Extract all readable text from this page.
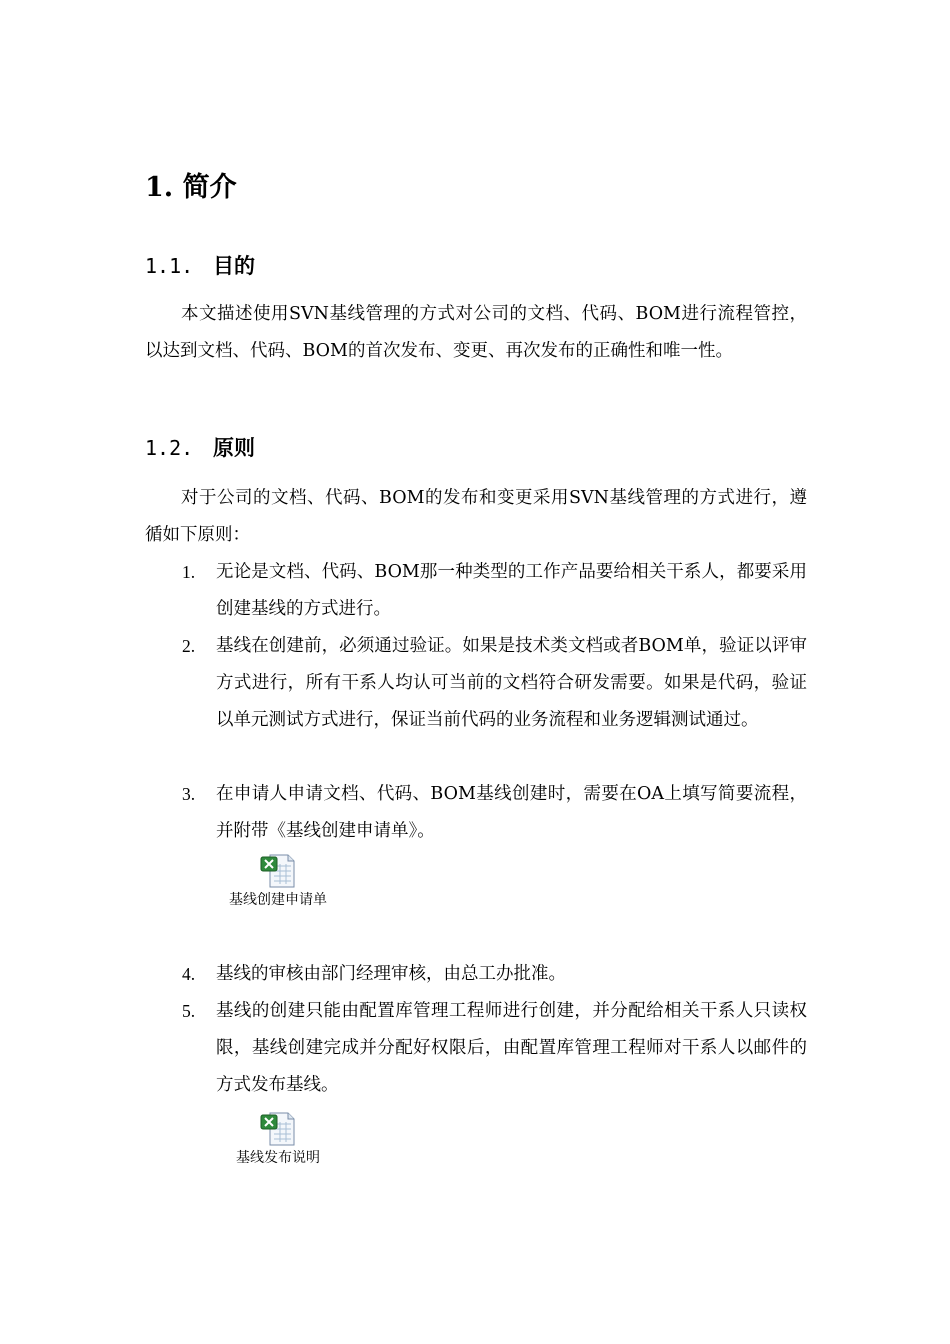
1. 简介
1.1. 目的

本文描述使用SVN基线管理的方式对公司的文档、代码、BOM进行流程管控，以达到文档、代码、BOM的首次发布、变更、再次发布的正确性和唯一性。

1.2. 原则

对于公司的文档、代码、BOM的发布和变更采用SVN基线管理的方式进行，遵循如下原则：

1.	无论是文档、代码、BOM那一种类型的工作产品要给相关干系人，都要采用创建基线的方式进行。
2.	基线在创建前，必须通过验证。如果是技术类文档或者BOM单，验证以评审方式进行，所有干系人均认可当前的文档符合研发需要。如果是代码，验证以单元测试方式进行，保证当前代码的业务流程和业务逻辑测试通过。
3.	在申请人申请文档、代码、BOM基线创建时，需要在OA上填写简要流程，并附带《基线创建申请单》。
基线创建申请单
4.	基线的审核由部门经理审核，由总工办批准。
5.	基线的创建只能由配置库管理工程师进行创建，并分配给相关干系人只读权限，基线创建完成并分配好权限后，由配置库管理工程师对干系人以邮件的方式发布基线。
基线发布说明
